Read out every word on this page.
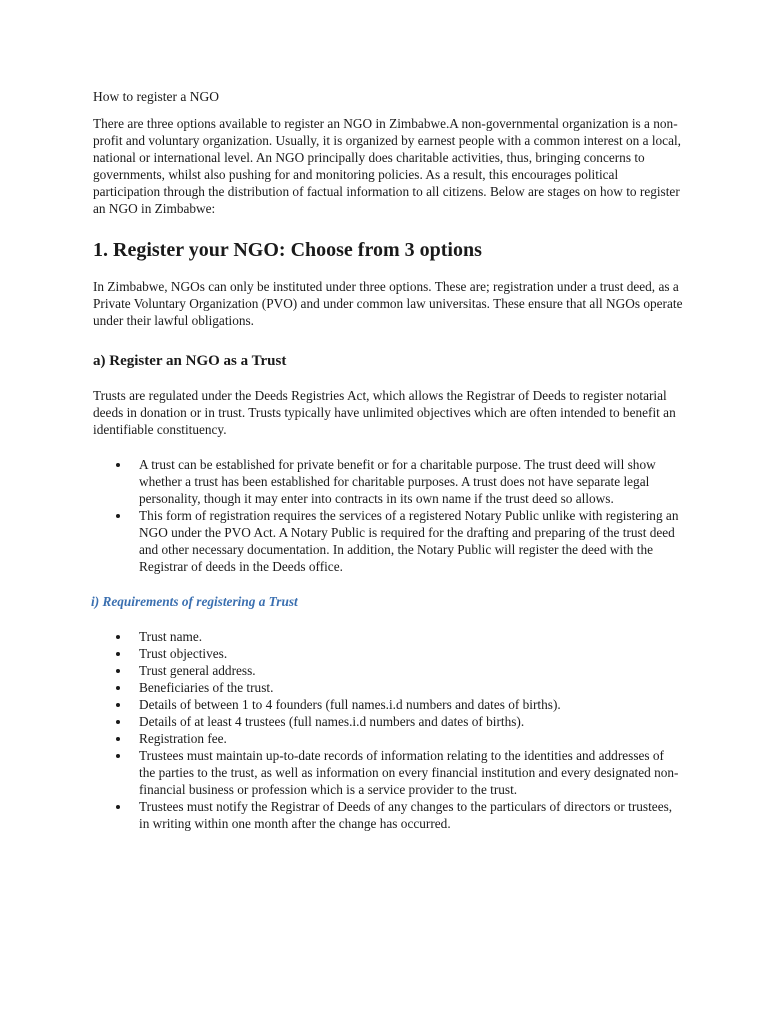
How to register a NGO

There are three options available to register an NGO in Zimbabwe.A non-governmental organization is a non-profit and voluntary organization. Usually, it is organized by earnest people with a common interest on a local, national or international level. An NGO principally does charitable activities, thus, bringing concerns to governments, whilst also pushing for and monitoring policies. As a result, this encourages political participation through the distribution of factual information to all citizens. Below are stages on how to register an NGO in Zimbabwe:

1. Register your NGO: Choose from 3 options

In Zimbabwe, NGOs can only be instituted under three options. These are; registration under a trust deed, as a Private Voluntary Organization (PVO) and under common law universitas. These ensure that all NGOs operate under their lawful obligations.

a) Register an NGO as a Trust

Trusts are regulated under the Deeds Registries Act, which allows the Registrar of Deeds to register notarial deeds in donation or in trust. Trusts typically have unlimited objectives which are often intended to benefit an identifiable constituency.

A trust can be established for private benefit or for a charitable purpose. The trust deed will show whether a trust has been established for charitable purposes. A trust does not have separate legal personality, though it may enter into contracts in its own name if the trust deed so allows.
This form of registration requires the services of a registered Notary Public unlike with registering an NGO under the PVO Act. A Notary Public is required for the drafting and preparing of the trust deed and other necessary documentation. In addition, the Notary Public will register the deed with the Registrar of deeds in the Deeds office.
i) Requirements of registering a Trust
Trust name.
Trust objectives.
Trust general address.
Beneficiaries of the trust.
Details of between 1 to 4 founders (full names.i.d numbers and dates of births).
Details of at least 4 trustees (full names.i.d numbers and dates of births).
Registration fee.
Trustees must maintain up-to-date records of information relating to the identities and addresses of the parties to the trust, as well as information on every financial institution and every designated non-financial business or profession which is a service provider to the trust.
Trustees must notify the Registrar of Deeds of any changes to the particulars of directors or trustees, in writing within one month after the change has occurred.
